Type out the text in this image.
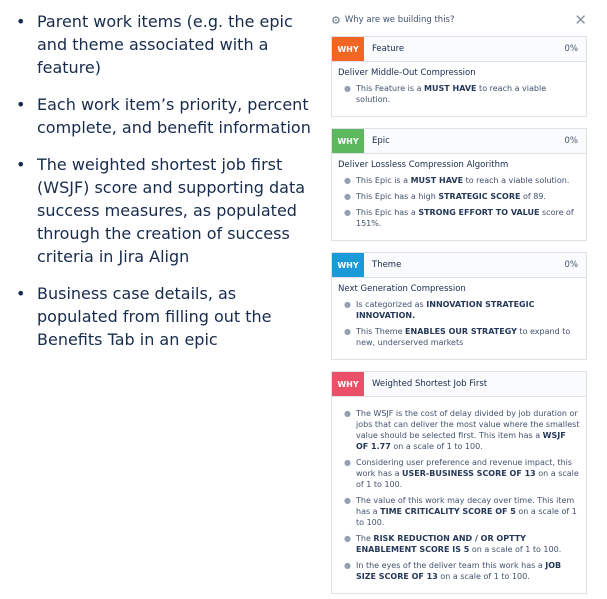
• Parent work items (e.g. the epic and theme associated with a feature)
• Each work item’s priority, percent complete, and benefit information
• The weighted shortest job first (WSJF) score and supporting data success measures, as populated through the creation of success criteria in Jira Align
• Business case details, as populated from filling out the Benefits Tab in an epic
⚙ Why are we building this?	✕
WHY	Feature	0%
Deliver Middle-Out Compression
● This Feature is a MUST HAVE to reach a viable solution.
WHY	Epic	0%
Deliver Lossless Compression Algorithm
● This Epic is a MUST HAVE to reach a viable solution.
● This Epic has a high STRATEGIC SCORE of 89.
● This Epic has a STRONG EFFORT TO VALUE score of 151%.
WHY	Theme	0%
Next Generation Compression
● Is categorized as INNOVATION STRATEGIC INNOVATION.
● This Theme ENABLES OUR STRATEGY to expand to new, underserved markets
WHY	Weighted Shortest Job First
● The WSJF is the cost of delay divided by job duration or jobs that can deliver the most value where the smallest value should be selected first. This item has a WSJF OF 1.77 on a scale of 1 to 100.
● Considering user preference and revenue impact, this work has a USER-BUSINESS SCORE OF 13 on a scale of 1 to 100.
● The value of this work may decay over time. This item has a TIME CRITICALITY SCORE OF 5 on a scale of 1 to 100.
● The RISK REDUCTION AND / OR OPTTY ENABLEMENT SCORE IS 5 on a scale of 1 to 100.
● In the eyes of the deliver team this work has a JOB SIZE SCORE OF 13 on a scale of 1 to 100.
